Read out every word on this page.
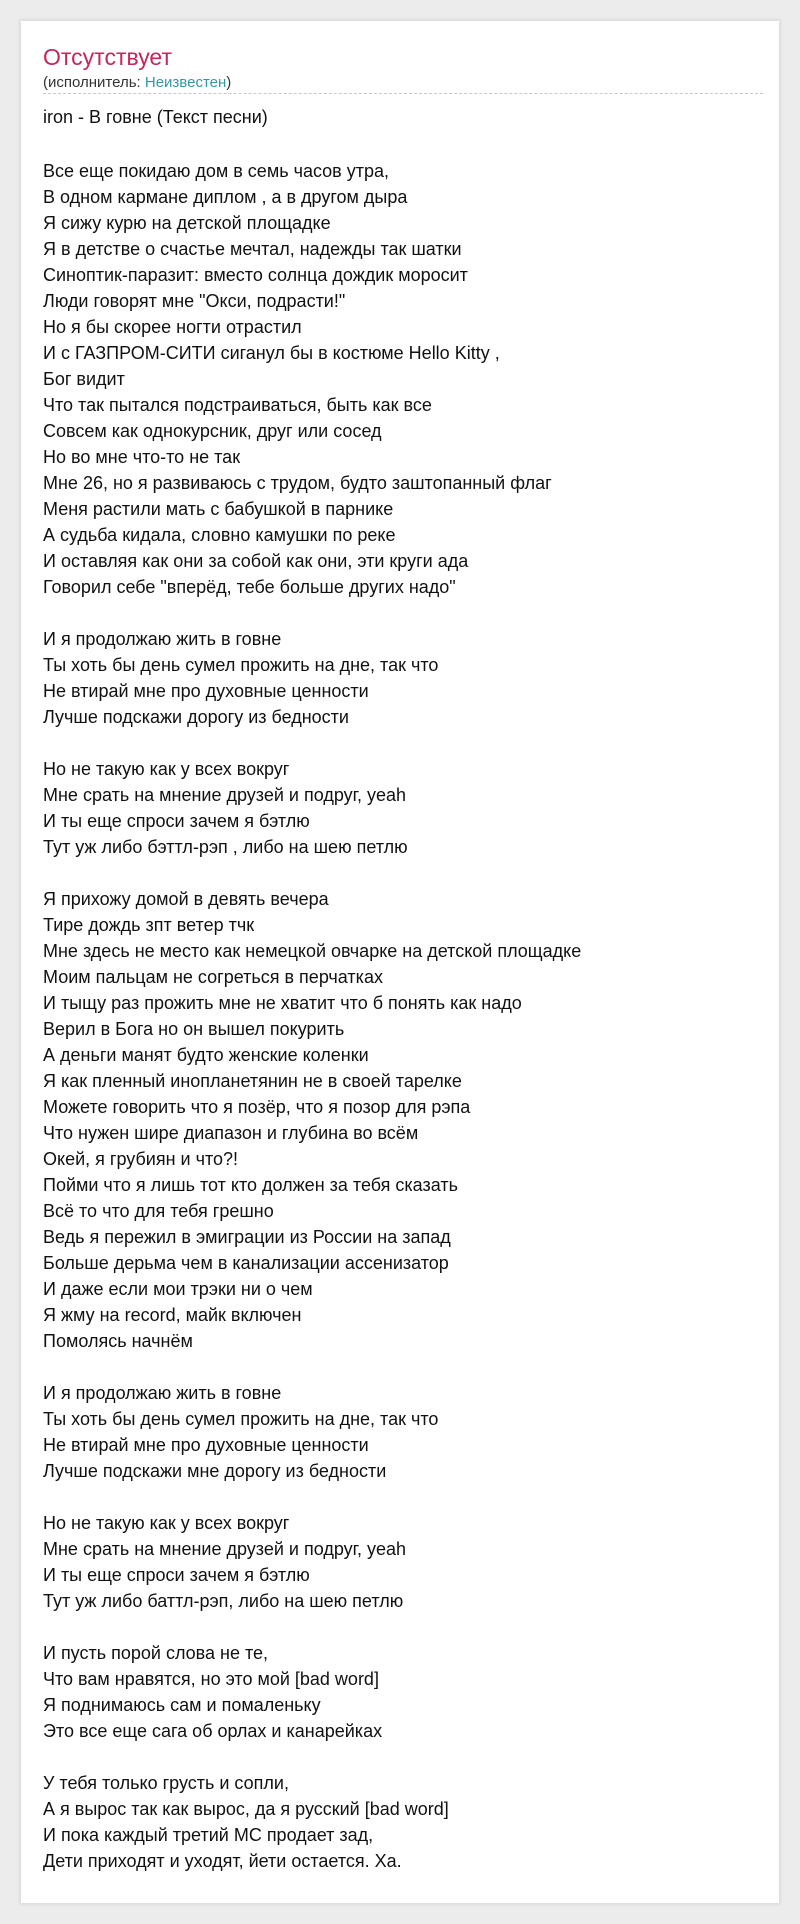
Отсутствует
(исполнитель: Неизвестен)
iron - В говне (Текст песни)
Все еще покидаю дом в семь часов утра,
В одном кармане диплом , а в другом дыра
Я сижу курю на детской площадке
Я в детстве о счастье мечтал, надежды так шатки
Синоптик-паразит: вместо солнца дождик моросит
Люди говорят мне "Окси, подрасти!"
Но я бы скорее ногти отрастил
И с ГАЗПРОМ-СИТИ сиганул бы в костюме Hello Kitty ,
Бог видит
Что так пытался подстраиваться, быть как все
Совсем как однокурсник, друг или сосед
Но во мне что-то не так
Мне 26, но я развиваюсь с трудом, будто заштопанный флаг
Меня растили мать с бабушкой в парнике
А судьба кидала, словно камушки по реке
И оставляя как они за собой как они, эти круги ада
Говорил себе "вперёд, тебе больше других надо"
И я продолжаю жить в говне
Ты хоть бы день сумел прожить на дне, так что
Не втирай мне про духовные ценности
Лучше подскажи дорогу из бедности
Но не такую как у всех вокруг
Мне срать на мнение друзей и подруг, yeah
И ты еще спроси зачем я бэтлю
Тут уж либо бэттл-рэп , либо на шею петлю
Я прихожу домой в девять вечера
Тире дождь зпт ветер тчк
Мне здесь не место как немецкой овчарке на детской площадке
Моим пальцам не согреться в перчатках
И тыщу раз прожить мне не хватит что б понять как надо
Верил в Бога но он вышел покурить
А деньги манят будто женские коленки
Я как пленный инопланетянин не в своей тарелке
Можете говорить что я позёр, что я позор для рэпа
Что нужен шире диапазон и глубина во всём
Окей, я грубиян и что?!
Пойми что я лишь тот кто должен за тебя сказать
Всё то что для тебя грешно
Ведь я пережил в эмиграции из России на запад
Больше дерьма чем в канализации ассенизатор
И даже если мои трэки ни о чем
Я жму на record, майк включен
Помолясь начнём
И я продолжаю жить в говне
Ты хоть бы день сумел прожить на дне, так что
Не втирай мне про духовные ценности
Лучше подскажи мне дорогу из бедности
Но не такую как у всех вокруг
Мне срать на мнение друзей и подруг, yeah
И ты еще спроси зачем я бэтлю
Тут уж либо баттл-рэп, либо на шею петлю
И пусть порой слова не те,
Что вам нравятся, но это мой [bad word]
Я поднимаюсь сам и помаленьку
Это все еще сага об орлах и канарейках
У тебя только грусть и сопли,
А я вырос так как вырос, да я русский [bad word]
И пока каждый третий MC продает зад,
Дети приходят и уходят, йети остается. Ха.
